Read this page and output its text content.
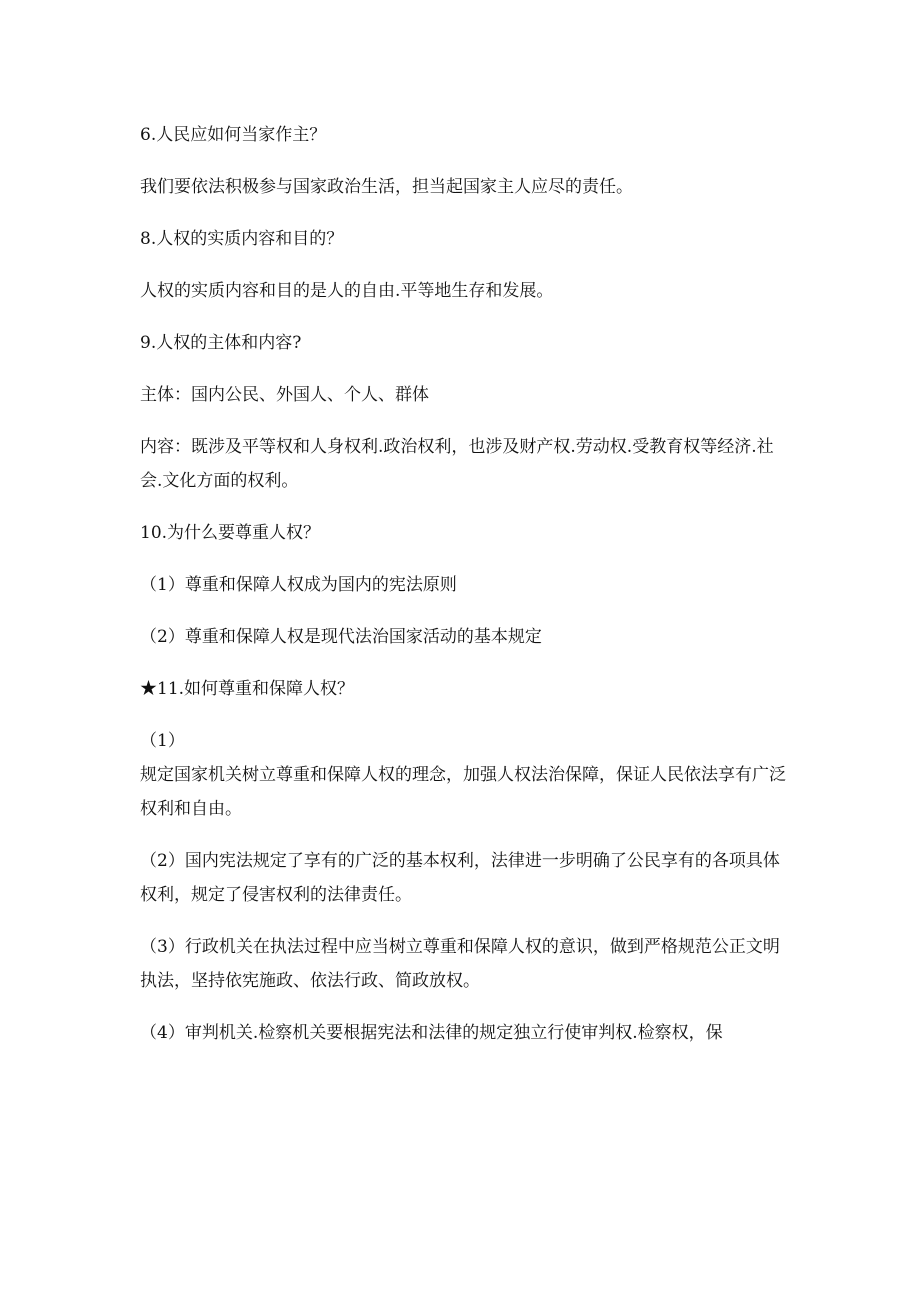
6.人民应如何当家作主？

我们要依法积极参与国家政治生活，担当起国家主人应尽的责任。

8.人权的实质内容和目的？

人权的实质内容和目的是人的自由.平等地生存和发展。

9.人权的主体和内容?

主体：国内公民、外国人、个人、群体

内容：既涉及平等权和人身权利.政治权利，也涉及财产权.劳动权.受教育权等经济.社会.文化方面的权利。

10.为什么要尊重人权？

（1）尊重和保障人权成为国内的宪法原则

（2）尊重和保障人权是现代法治国家活动的基本规定

★11.如何尊重和保障人权？

（1）

规定国家机关树立尊重和保障人权的理念，加强人权法治保障，保证人民依法享有广泛权利和自由。

（2）国内宪法规定了享有的广泛的基本权利，法律进一步明确了公民享有的各项具体权利，规定了侵害权利的法律责任。

（3）行政机关在执法过程中应当树立尊重和保障人权的意识，做到严格规范公正文明执法，坚持依宪施政、依法行政、简政放权。

（4）审判机关.检察机关要根据宪法和法律的规定独立行使审判权.检察权，保
